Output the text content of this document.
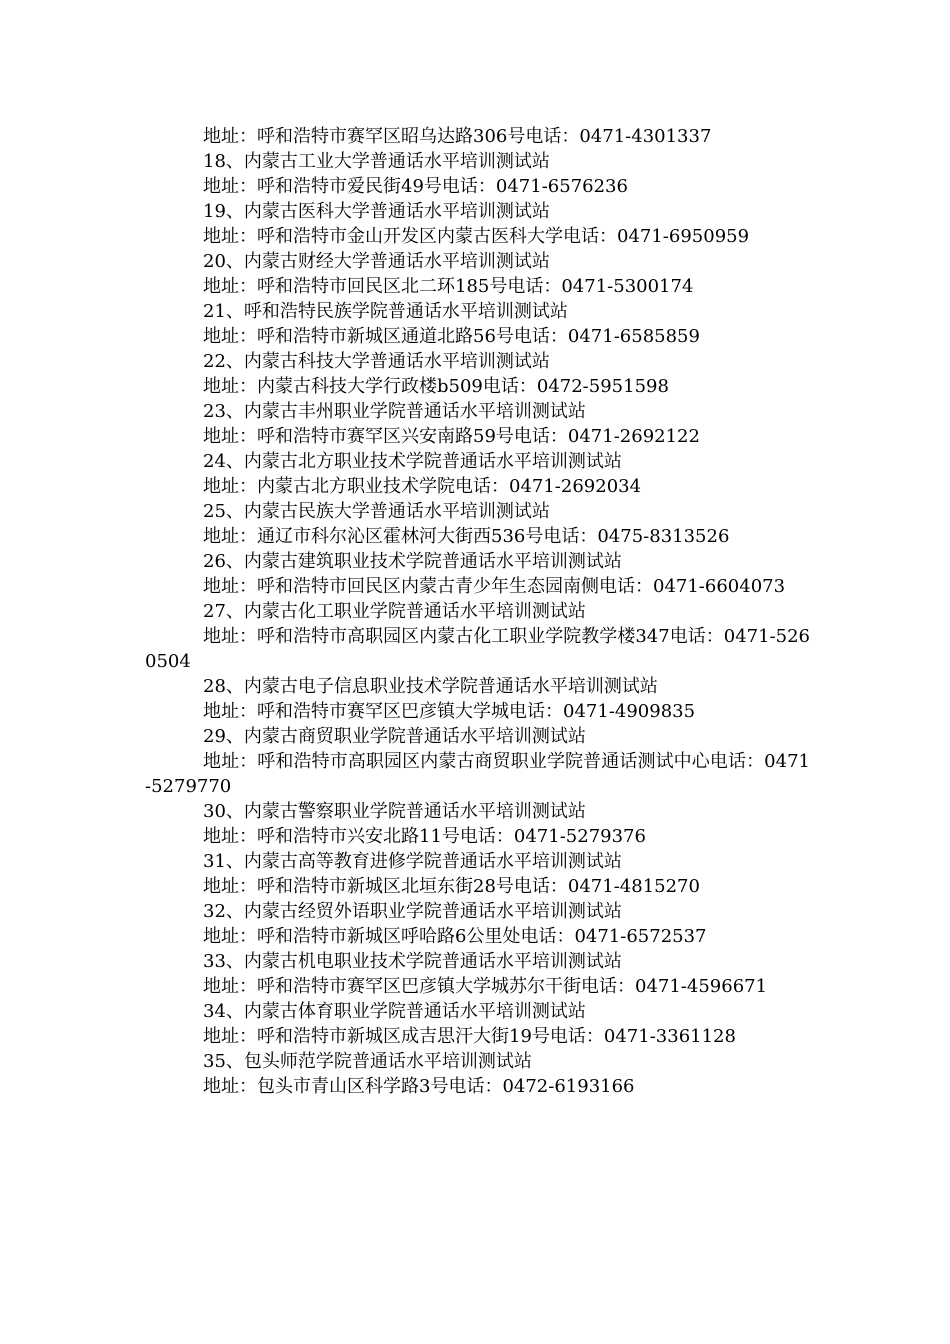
地址：呼和浩特市赛罕区昭乌达路306号电话：0471-4301337

18、内蒙古工业大学普通话水平培训测试站

地址：呼和浩特市爱民街49号电话：0471-6576236

19、内蒙古医科大学普通话水平培训测试站

地址：呼和浩特市金山开发区内蒙古医科大学电话：0471-6950959

20、内蒙古财经大学普通话水平培训测试站

地址：呼和浩特市回民区北二环185号电话：0471-5300174

21、呼和浩特民族学院普通话水平培训测试站

地址：呼和浩特市新城区通道北路56号电话：0471-6585859

22、内蒙古科技大学普通话水平培训测试站

地址：内蒙古科技大学行政楼b509电话：0472-5951598

23、内蒙古丰州职业学院普通话水平培训测试站

地址：呼和浩特市赛罕区兴安南路59号电话：0471-2692122

24、内蒙古北方职业技术学院普通话水平培训测试站

地址：内蒙古北方职业技术学院电话：0471-2692034

25、内蒙古民族大学普通话水平培训测试站

地址：通辽市科尔沁区霍林河大街西536号电话：0475-8313526

26、内蒙古建筑职业技术学院普通话水平培训测试站

地址：呼和浩特市回民区内蒙古青少年生态园南侧电话：0471-6604073

27、内蒙古化工职业学院普通话水平培训测试站

地址：呼和浩特市高职园区内蒙古化工职业学院教学楼347电话：0471-5260504

28、内蒙古电子信息职业技术学院普通话水平培训测试站

地址：呼和浩特市赛罕区巴彦镇大学城电话：0471-4909835

29、内蒙古商贸职业学院普通话水平培训测试站

地址：呼和浩特市高职园区内蒙古商贸职业学院普通话测试中心电话：0471-5279770

30、内蒙古警察职业学院普通话水平培训测试站

地址：呼和浩特市兴安北路11号电话：0471-5279376

31、内蒙古高等教育进修学院普通话水平培训测试站

地址：呼和浩特市新城区北垣东街28号电话：0471-4815270

32、内蒙古经贸外语职业学院普通话水平培训测试站

地址：呼和浩特市新城区呼哈路6公里处电话：0471-6572537

33、内蒙古机电职业技术学院普通话水平培训测试站

地址：呼和浩特市赛罕区巴彦镇大学城苏尔干街电话：0471-4596671

34、内蒙古体育职业学院普通话水平培训测试站

地址：呼和浩特市新城区成吉思汗大街19号电话：0471-3361128

35、包头师范学院普通话水平培训测试站

地址：包头市青山区科学路3号电话：0472-6193166
